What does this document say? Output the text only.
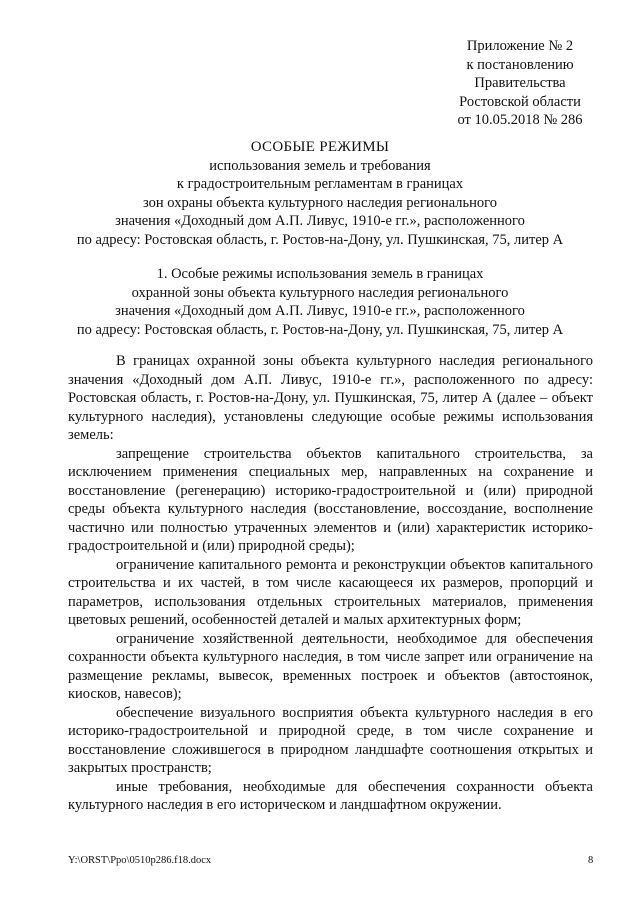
Приложение № 2
к постановлению
Правительства
Ростовской области
от 10.05.2018 № 286
ОСОБЫЕ РЕЖИМЫ
использования земель и требования
к градостроительным регламентам в границах
зон охраны объекта культурного наследия регионального
значения «Доходный дом А.П. Ливус, 1910-е гг.», расположенного
по адресу: Ростовская область, г. Ростов-на-Дону, ул. Пушкинская, 75, литер А
1. Особые режимы использования земель в границах
охранной зоны объекта культурного наследия регионального
значения «Доходный дом А.П. Ливус, 1910-е гг.», расположенного
по адресу: Ростовская область, г. Ростов-на-Дону, ул. Пушкинская, 75, литер А

В границах охранной зоны объекта культурного наследия регионального значения «Доходный дом А.П. Ливус, 1910-е гг.», расположенного по адресу: Ростовская область, г. Ростов-на-Дону, ул. Пушкинская, 75, литер А (далее – объект культурного наследия), установлены следующие особые режимы использования земель:

запрещение строительства объектов капитального строительства, за исключением применения специальных мер, направленных на сохранение и восстановление (регенерацию) историко-градостроительной и (или) природной среды объекта культурного наследия (восстановление, воссоздание, восполнение частично или полностью утраченных элементов и (или) характеристик историко-градостроительной и (или) природной среды);

ограничение капитального ремонта и реконструкции объектов капитального строительства и их частей, в том числе касающееся их размеров, пропорций и параметров, использования отдельных строительных материалов, применения цветовых решений, особенностей деталей и малых архитектурных форм;

ограничение хозяйственной деятельности, необходимое для обеспечения сохранности объекта культурного наследия, в том числе запрет или ограничение на размещение рекламы, вывесок, временных построек и объектов (автостоянок, киосков, навесов);

обеспечение визуального восприятия объекта культурного наследия в его историко-градостроительной и природной среде, в том числе сохранение и восстановление сложившегося в природном ландшафте соотношения открытых и закрытых пространств;

иные требования, необходимые для обеспечения сохранности объекта культурного наследия в его историческом и ландшафтном окружении.

Y:\ORST\Ppo\0510p286.f18.docx	8
